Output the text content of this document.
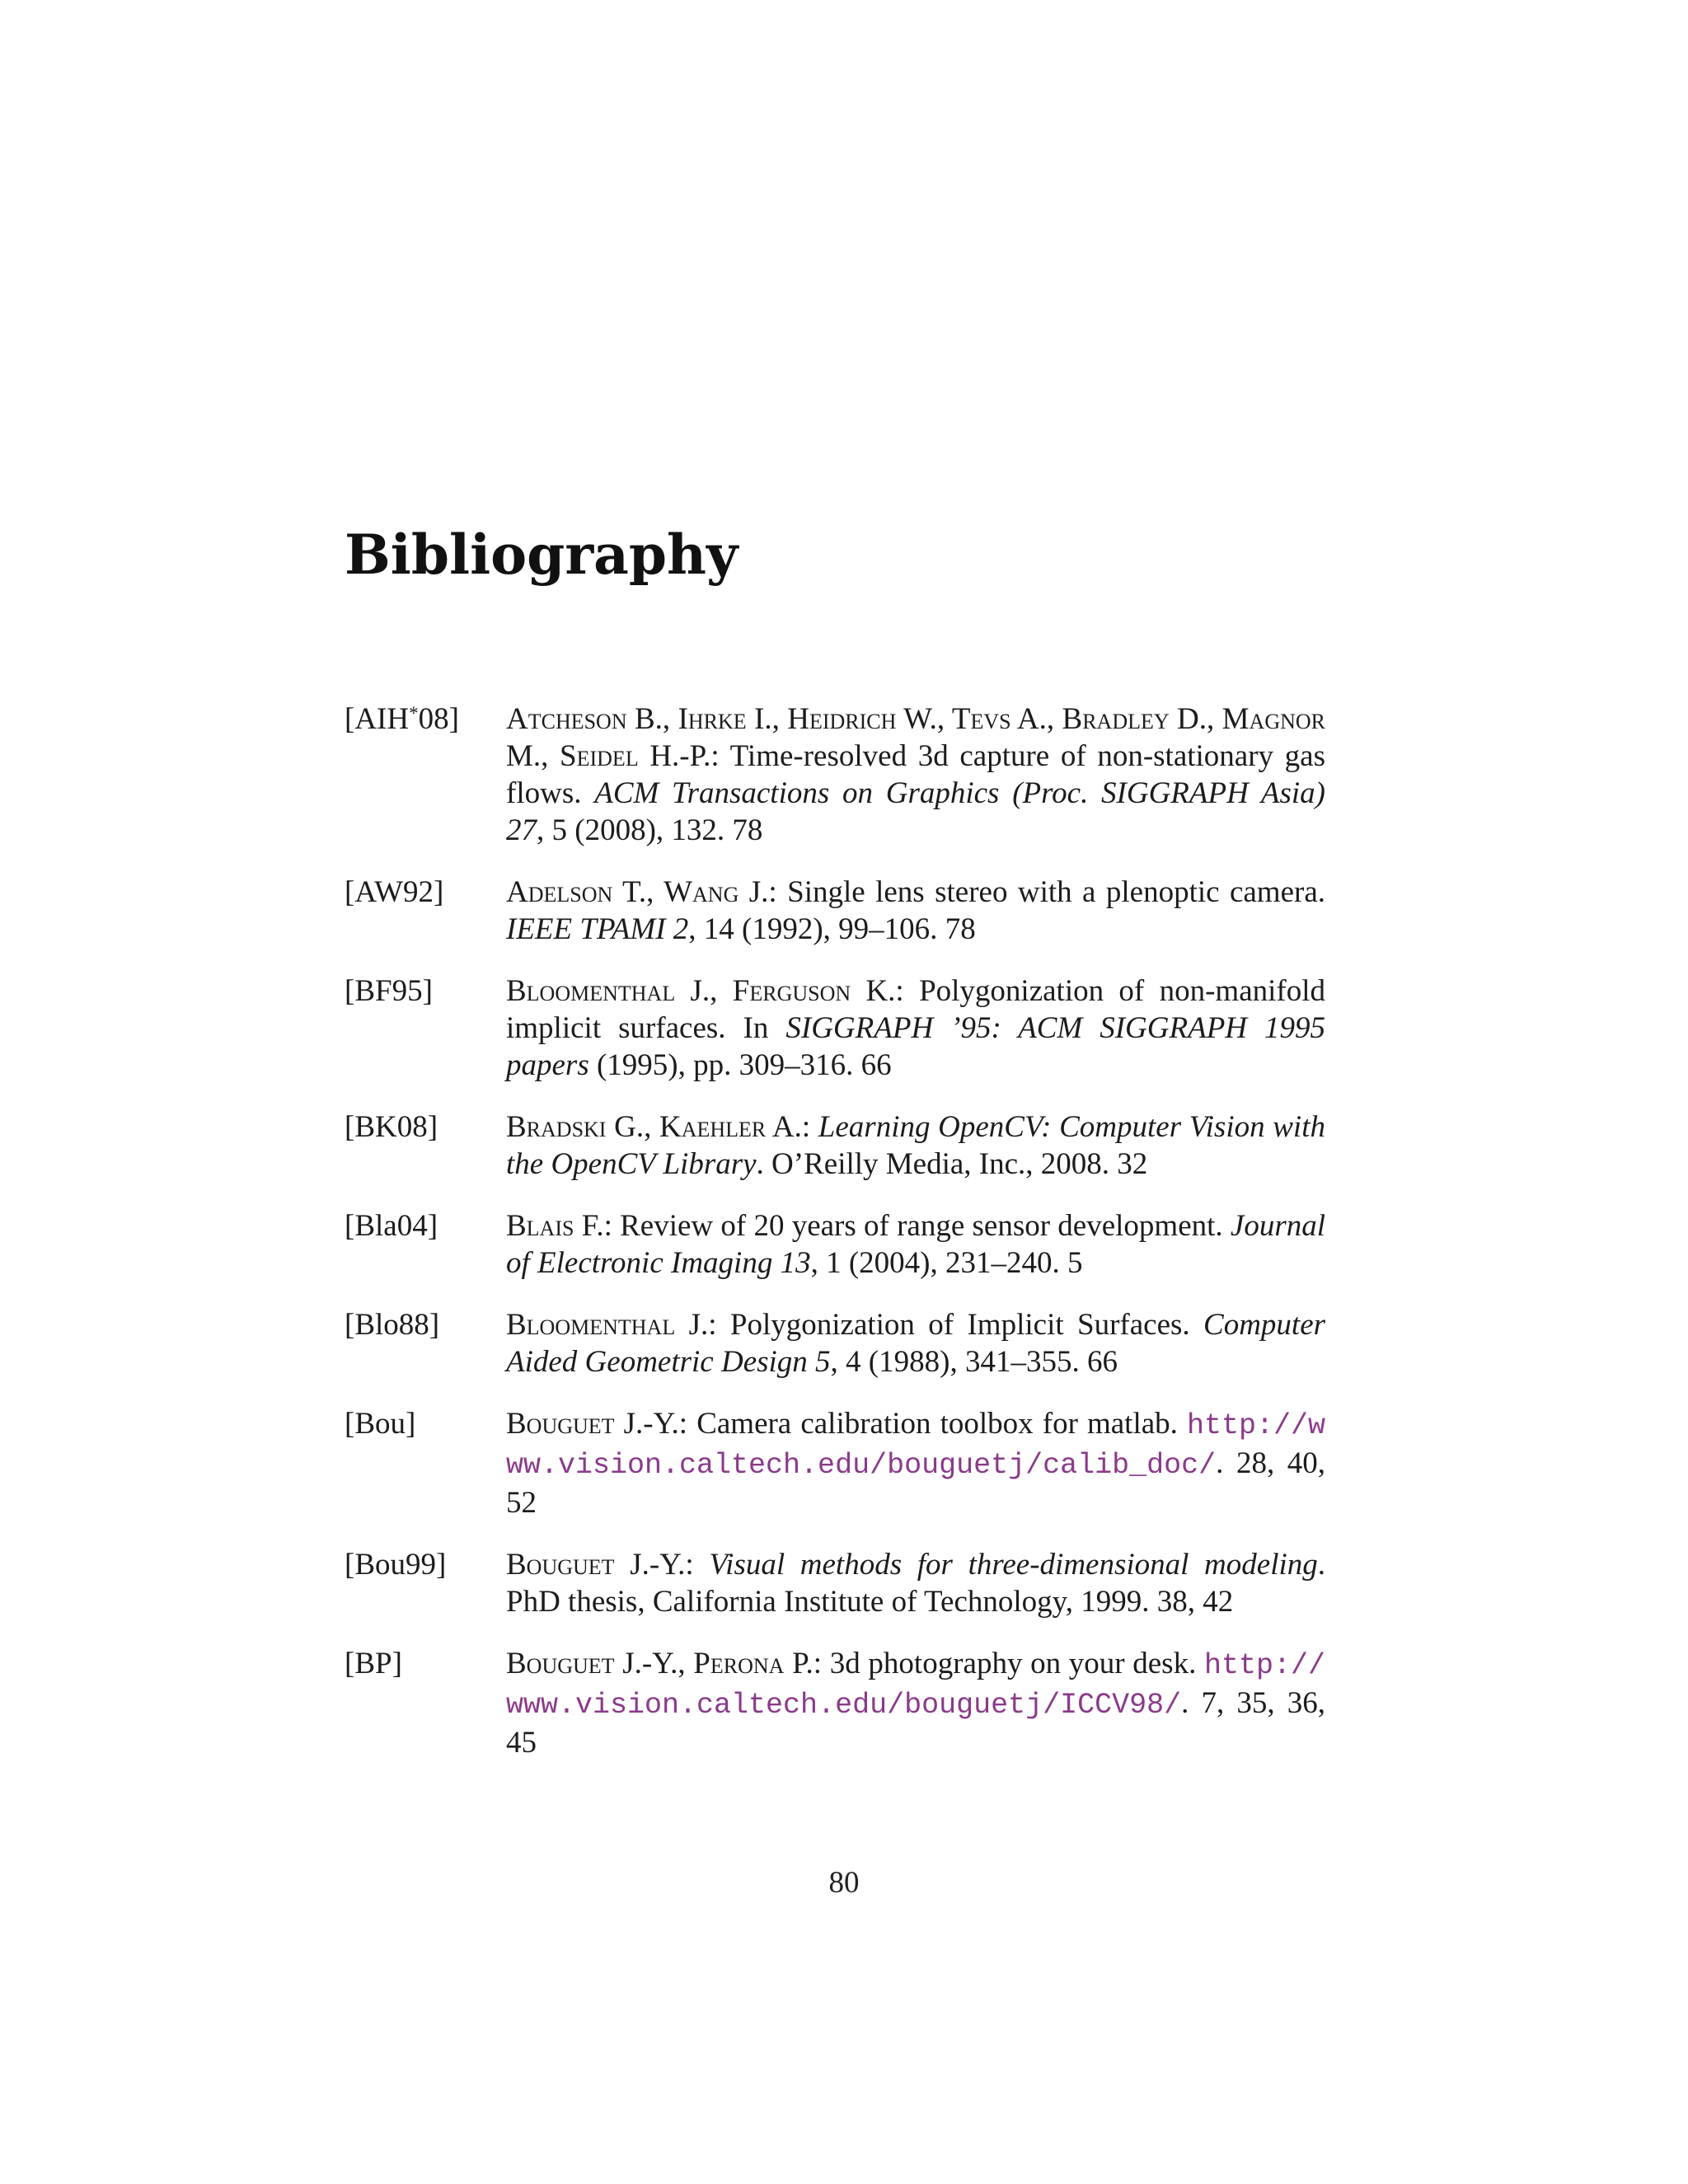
Bibliography
[AIH*08]	Atcheson B., Ihrke I., Heidrich W., Tevs A., Bradley D., Magnor M., Seidel H.-P.: Time-resolved 3d capture of non-stationary gas flows. ACM Transactions on Graphics (Proc. SIGGRAPH Asia) 27, 5 (2008), 132. 78
[AW92]	Adelson T., Wang J.: Single lens stereo with a plenoptic camera. IEEE TPAMI 2, 14 (1992), 99–106. 78
[BF95]	Bloomenthal J., Ferguson K.: Polygonization of non-manifold implicit surfaces. In SIGGRAPH ’95: ACM SIGGRAPH 1995 papers (1995), pp. 309–316. 66
[BK08]	Bradski G., Kaehler A.: Learning OpenCV: Computer Vision with the OpenCV Library. O’Reilly Media, Inc., 2008. 32
[Bla04]	Blais F.: Review of 20 years of range sensor development. Journal of Electronic Imaging 13, 1 (2004), 231–240. 5
[Blo88]	Bloomenthal J.: Polygonization of Implicit Surfaces. Computer Aided Geometric Design 5, 4 (1988), 341–355. 66
[Bou]	Bouguet J.-Y.: Camera calibration toolbox for matlab. http://www.vision.caltech.edu/bouguetj/calib_doc/. 28, 40, 52
[Bou99]	Bouguet J.-Y.: Visual methods for three-dimensional modeling. PhD thesis, California Institute of Technology, 1999. 38, 42
[BP]	Bouguet J.-Y., Perona P.: 3d photography on your desk. http://www.vision.caltech.edu/bouguetj/ICCV98/. 7, 35, 36, 45
80
